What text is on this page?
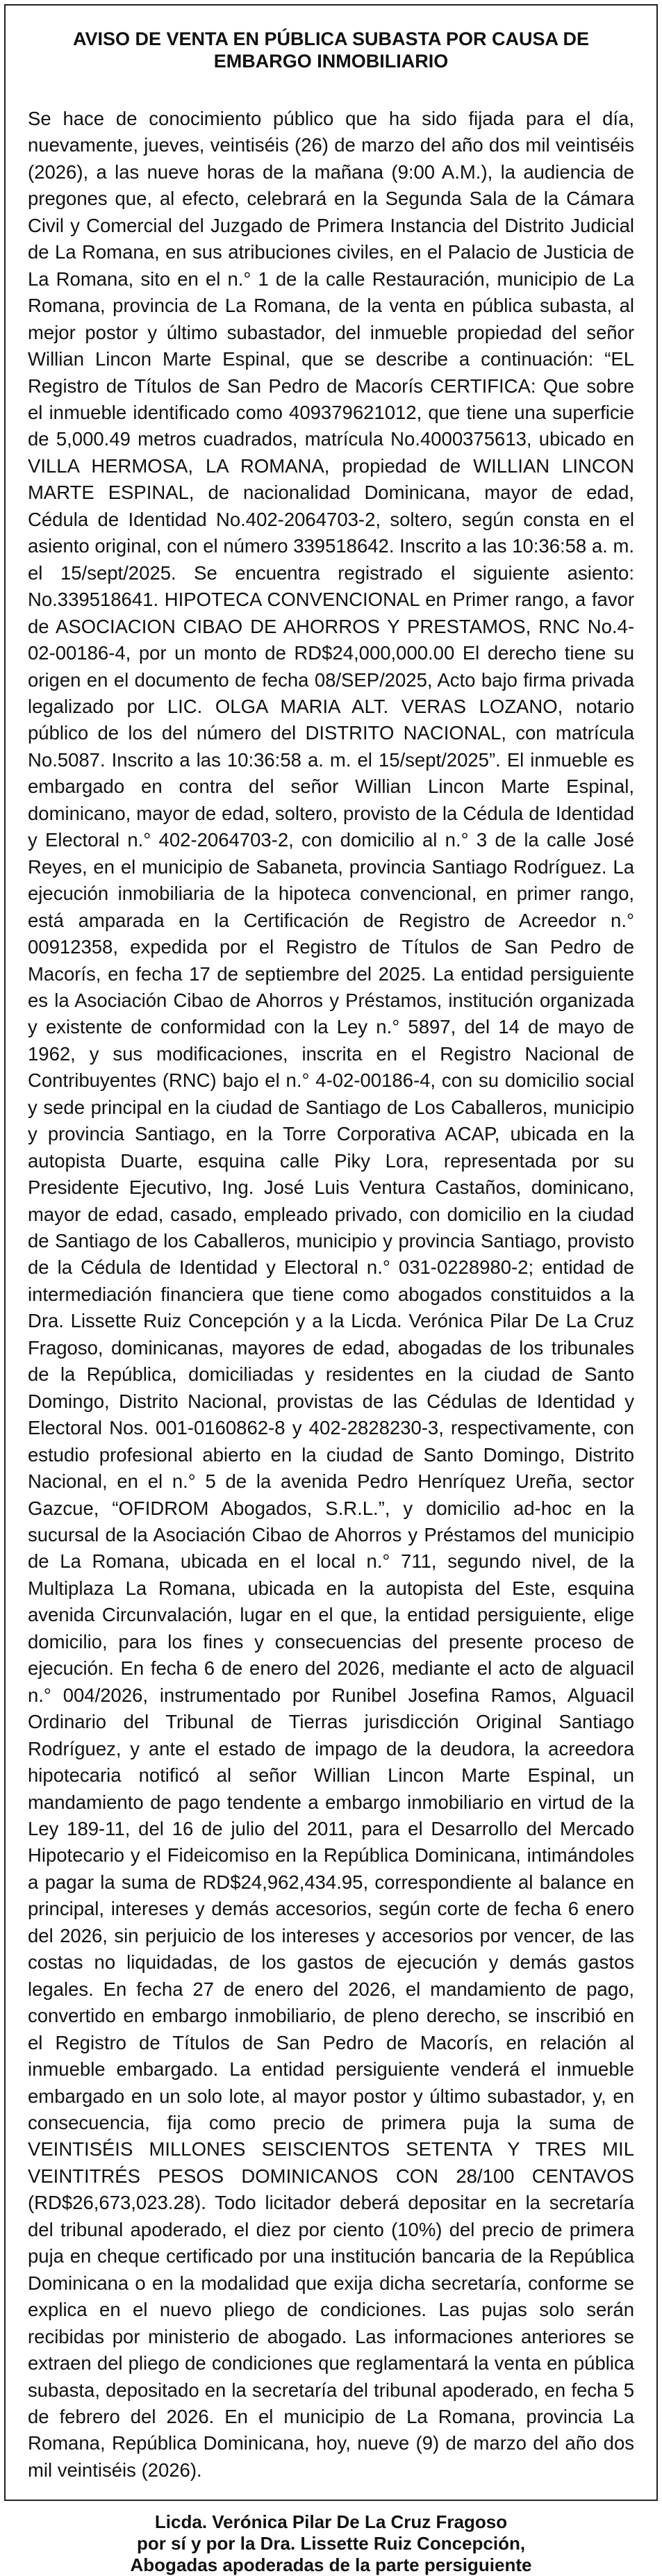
AVISO DE VENTA EN PÚBLICA SUBASTA POR CAUSA DE
EMBARGO INMOBILIARIO

Se hace de conocimiento público que ha sido fijada para el día, nuevamente, jueves, veintiséis (26) de marzo del año dos mil veintiséis (2026), a las nueve horas de la mañana (9:00 A.M.), la audiencia de pregones que, al efecto, celebrará en la Segunda Sala de la Cámara Civil y Comercial del Juzgado de Primera Instancia del Distrito Judicial de La Romana, en sus atribuciones civiles, en el Palacio de Justicia de La Romana, sito en el n.° 1 de la calle Restauración, municipio de La Romana, provincia de La Romana, de la venta en pública subasta, al mejor postor y último subastador, del inmueble propiedad del señor Willian Lincon Marte Espinal, que se describe a continuación: “EL Registro de Títulos de San Pedro de Macorís CERTIFICA: Que sobre el inmueble identificado como 409379621012, que tiene una superficie de 5,000.49 metros cuadrados, matrícula No.4000375613, ubicado en VILLA HERMOSA, LA ROMANA, propiedad de WILLIAN LINCON MARTE ESPINAL, de nacionalidad Dominicana, mayor de edad, Cédula de Identidad No.402-2064703-2, soltero, según consta en el asiento original, con el número 339518642. Inscrito a las 10:36:58 a. m. el 15/sept/2025. Se encuentra registrado el siguiente asiento: No.339518641. HIPOTECA CONVENCIONAL en Primer rango, a favor de ASOCIACION CIBAO DE AHORROS Y PRESTAMOS, RNC No.4-02-00186-4, por un monto de RD$24,000,000.00 El derecho tiene su origen en el documento de fecha 08/SEP/2025, Acto bajo firma privada legalizado por LIC. OLGA MARIA ALT. VERAS LOZANO, notario público de los del número del DISTRITO NACIONAL, con matrícula No.5087. Inscrito a las 10:36:58 a. m. el 15/sept/2025”. El inmueble es embargado en contra del señor Willian Lincon Marte Espinal, dominicano, mayor de edad, soltero, provisto de la Cédula de Identidad y Electoral n.° 402-2064703-2, con domicilio al n.° 3 de la calle José Reyes, en el municipio de Sabaneta, provincia Santiago Rodríguez. La ejecución inmobiliaria de la hipoteca convencional, en primer rango, está amparada en la Certificación de Registro de Acreedor n.° 00912358, expedida por el Registro de Títulos de San Pedro de Macorís, en fecha 17 de septiembre del 2025. La entidad persiguiente es la Asociación Cibao de Ahorros y Préstamos, institución organizada y existente de conformidad con la Ley n.° 5897, del 14 de mayo de 1962, y sus modificaciones, inscrita en el Registro Nacional de Contribuyentes (RNC) bajo el n.° 4-02-00186-4, con su domicilio social y sede principal en la ciudad de Santiago de Los Caballeros, municipio y provincia Santiago, en la Torre Corporativa ACAP, ubicada en la autopista Duarte, esquina calle Piky Lora, representada por su Presidente Ejecutivo, Ing. José Luis Ventura Castaños, dominicano, mayor de edad, casado, empleado privado, con domicilio en la ciudad de Santiago de los Caballeros, municipio y provincia Santiago, provisto de la Cédula de Identidad y Electoral n.° 031-0228980-2; entidad de intermediación financiera que tiene como abogados constituidos a la Dra. Lissette Ruiz Concepción y a la Licda. Verónica Pilar De La Cruz Fragoso, dominicanas, mayores de edad, abogadas de los tribunales de la República, domiciliadas y residentes en la ciudad de Santo Domingo, Distrito Nacional, provistas de las Cédulas de Identidad y Electoral Nos. 001-0160862-8 y 402-2828230-3, respectivamente, con estudio profesional abierto en la ciudad de Santo Domingo, Distrito Nacional, en el n.° 5 de la avenida Pedro Henríquez Ureña, sector Gazcue, “OFIDROM Abogados, S.R.L.”, y domicilio ad-hoc en la sucursal de la Asociación Cibao de Ahorros y Préstamos del municipio de La Romana, ubicada en el local n.° 711, segundo nivel, de la Multiplaza La Romana, ubicada en la autopista del Este, esquina avenida Circunvalación, lugar en el que, la entidad persiguiente, elige domicilio, para los fines y consecuencias del presente proceso de ejecución. En fecha 6 de enero del 2026, mediante el acto de alguacil n.° 004/2026, instrumentado por Runibel Josefina Ramos, Alguacil Ordinario del Tribunal de Tierras jurisdicción Original Santiago Rodríguez, y ante el estado de impago de la deudora, la acreedora hipotecaria notificó al señor Willian Lincon Marte Espinal, un mandamiento de pago tendente a embargo inmobiliario en virtud de la Ley 189-11, del 16 de julio del 2011, para el Desarrollo del Mercado Hipotecario y el Fideicomiso en la República Dominicana, intimándoles a pagar la suma de RD$24,962,434.95, correspondiente al balance en principal, intereses y demás accesorios, según corte de fecha 6 enero del 2026, sin perjuicio de los intereses y accesorios por vencer, de las costas no liquidadas, de los gastos de ejecución y demás gastos legales. En fecha 27 de enero del 2026, el mandamiento de pago, convertido en embargo inmobiliario, de pleno derecho, se inscribió en el Registro de Títulos de San Pedro de Macorís, en relación al inmueble embargado. La entidad persiguiente venderá el inmueble embargado en un solo lote, al mayor postor y último subastador, y, en consecuencia, fija como precio de primera puja la suma de VEINTISÉIS MILLONES SEISCIENTOS SETENTA Y TRES MIL VEINTITRÉS PESOS DOMINICANOS CON 28/100 CENTAVOS (RD$26,673,023.28). Todo licitador deberá depositar en la secretaría del tribunal apoderado, el diez por ciento (10%) del precio de primera puja en cheque certificado por una institución bancaria de la República Dominicana o en la modalidad que exija dicha secretaría, conforme se explica en el nuevo pliego de condiciones. Las pujas solo serán recibidas por ministerio de abogado. Las informaciones anteriores se extraen del pliego de condiciones que reglamentará la venta en pública subasta, depositado en la secretaría del tribunal apoderado, en fecha 5 de febrero del 2026. En el municipio de La Romana, provincia La Romana, República Dominicana, hoy, nueve (9) de marzo del año dos mil veintiséis (2026).

Licda. Verónica Pilar De La Cruz Fragoso
por sí y por la Dra. Lissette Ruiz Concepción,
Abogadas apoderadas de la parte persiguiente
